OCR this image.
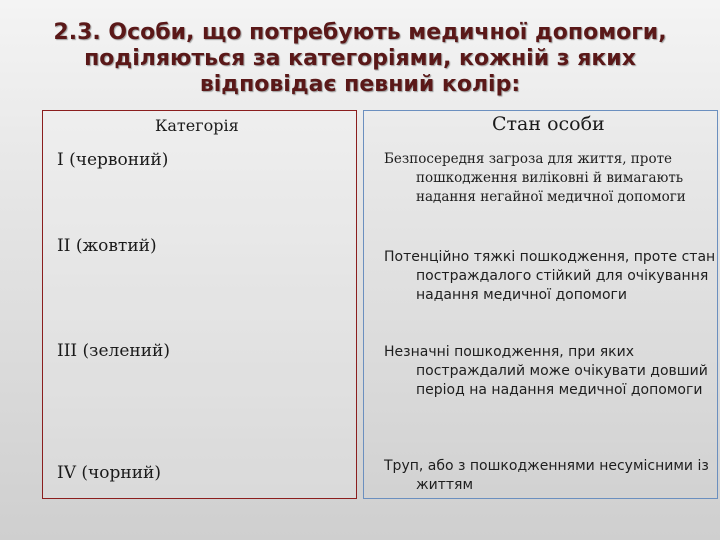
2.3. Особи, що потребують медичної допомоги,
поділяються за категоріями, кожній з яких
відповідає певний колір:
Категорія	Стан особи
І (червоний)
II (жовтий)
III (зелений)
IV (чорний)
Безпосередня загроза для життя, проте пошкодження виліковні й вимагають надання негайної медичної допомоги
Потенційно тяжкі пошкодження, проте стан постраждалого стійкий для очікування надання медичної допомоги
Незначні пошкодження, при яких постраждалий може очікувати довший період на надання медичної допомоги
Труп, або з пошкодженнями несумісними із життям
